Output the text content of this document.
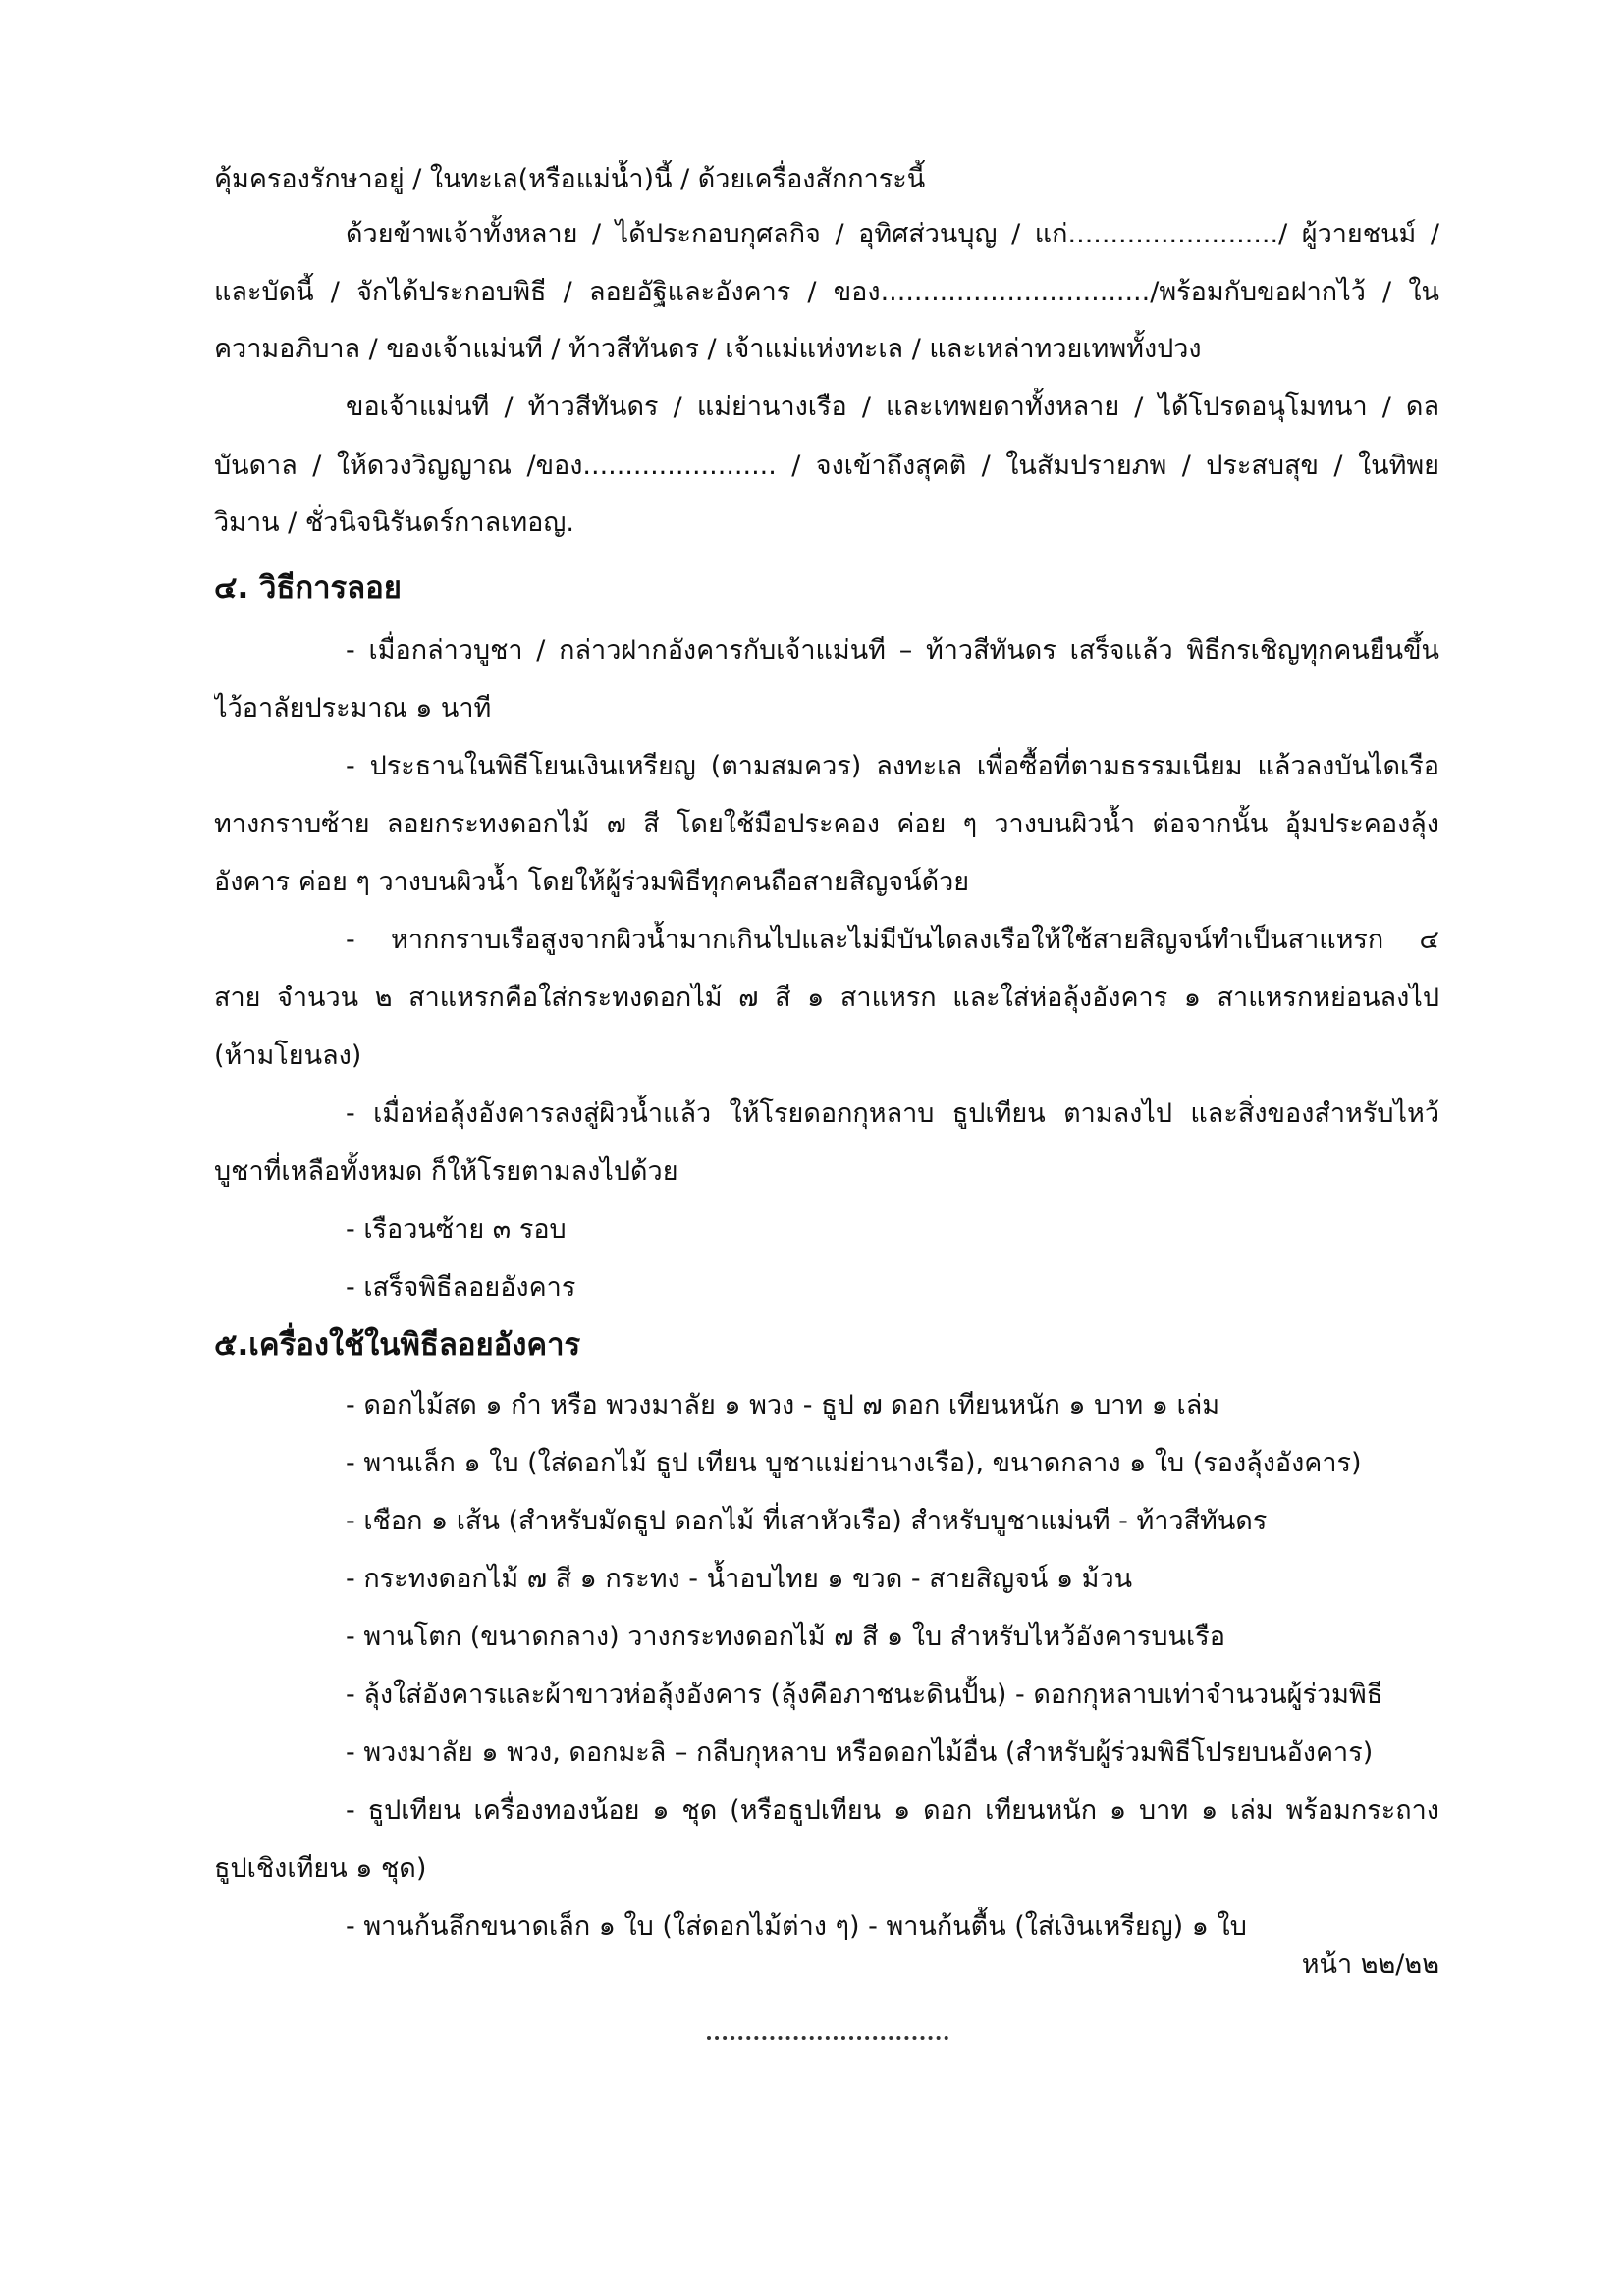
คุ้มครองรักษาอยู่ / ในทะเล(หรือแม่น้ำ)นี้ / ด้วยเครื่องสักการะนี้
ด้วยข้าพเจ้าทั้งหลาย / ได้ประกอบกุศลกิจ / อุทิศส่วนบุญ / แก่........................./ ผู้วายชนม์ /
และบัดนี้ / จักได้ประกอบพิธี / ลอยอัฐิและอังคาร / ของ................................/พร้อมกับขอฝากไว้ / ใน
ความอภิบาล / ของเจ้าแม่นที / ท้าวสีทันดร / เจ้าแม่แห่งทะเล / และเหล่าทวยเทพทั้งปวง
ขอเจ้าแม่นที / ท้าวสีทันดร / แม่ย่านางเรือ / และเทพยดาทั้งหลาย / ได้โปรดอนุโมทนา / ดล
บันดาล / ให้ดวงวิญญาณ /ของ....................... / จงเข้าถึงสุคติ / ในสัมปรายภพ / ประสบสุข / ในทิพย
วิมาน / ชั่วนิจนิรันดร์กาลเทอญ.
๔. วิธีการลอย
- เมื่อกล่าวบูชา / กล่าวฝากอังคารกับเจ้าแม่นที – ท้าวสีทันดร เสร็จแล้ว พิธีกรเชิญทุกคนยืนขึ้น
ไว้อาลัยประมาณ ๑ นาที
- ประธานในพิธีโยนเงินเหรียญ (ตามสมควร) ลงทะเล เพื่อซื้อที่ตามธรรมเนียม แล้วลงบันไดเรือ
ทางกราบซ้าย ลอยกระทงดอกไม้ ๗ สี โดยใช้มือประคอง ค่อย ๆ วางบนผิวน้ำ ต่อจากนั้น อุ้มประคองลุ้ง
อังคาร ค่อย ๆ วางบนผิวน้ำ โดยให้ผู้ร่วมพิธีทุกคนถือสายสิญจน์ด้วย
- หากกราบเรือสูงจากผิวน้ำมากเกินไปและไม่มีบันไดลงเรือให้ใช้สายสิญจน์ทำเป็นสาแหรก ๔
สาย จำนวน ๒ สาแหรกคือใส่กระทงดอกไม้ ๗ สี ๑ สาแหรก และใส่ห่อลุ้งอังคาร ๑ สาแหรกหย่อนลงไป
(ห้ามโยนลง)
- เมื่อห่อลุ้งอังคารลงสู่ผิวน้ำแล้ว ให้โรยดอกกุหลาบ ธูปเทียน ตามลงไป และสิ่งของสำหรับไหว้
บูชาที่เหลือทั้งหมด ก็ให้โรยตามลงไปด้วย
- เรือวนซ้าย ๓ รอบ
- เสร็จพิธีลอยอังคาร
๕.เครื่องใช้ในพิธีลอยอังคาร
- ดอกไม้สด ๑ กำ หรือ พวงมาลัย ๑ พวง - ธูป ๗ ดอก เทียนหนัก ๑ บาท ๑ เล่ม
- พานเล็ก ๑ ใบ (ใส่ดอกไม้ ธูป เทียน บูชาแม่ย่านางเรือ), ขนาดกลาง ๑ ใบ (รองลุ้งอังคาร)
- เชือก ๑ เส้น (สำหรับมัดธูป ดอกไม้ ที่เสาหัวเรือ) สำหรับบูชาแม่นที - ท้าวสีทันดร
- กระทงดอกไม้ ๗ สี ๑ กระทง - น้ำอบไทย ๑ ขวด - สายสิญจน์ ๑ ม้วน
- พานโตก (ขนาดกลาง) วางกระทงดอกไม้ ๗ สี ๑ ใบ สำหรับไหว้อังคารบนเรือ
- ลุ้งใส่อังคารและผ้าขาวห่อลุ้งอังคาร (ลุ้งคือภาชนะดินปั้น) - ดอกกุหลาบเท่าจำนวนผู้ร่วมพิธี
- พวงมาลัย ๑ พวง, ดอกมะลิ – กลีบกุหลาบ หรือดอกไม้อื่น (สำหรับผู้ร่วมพิธีโปรยบนอังคาร)
- ธูปเทียน เครื่องทองน้อย ๑ ชุด (หรือธูปเทียน ๑ ดอก เทียนหนัก ๑ บาท ๑ เล่ม พร้อมกระถาง
ธูปเชิงเทียน ๑ ชุด)
- พานก้นลึกขนาดเล็ก ๑ ใบ (ใส่ดอกไม้ต่าง ๆ) - พานก้นตื้น (ใส่เงินเหรียญ) ๑ ใบ
หน้า ๒๒/๒๒
